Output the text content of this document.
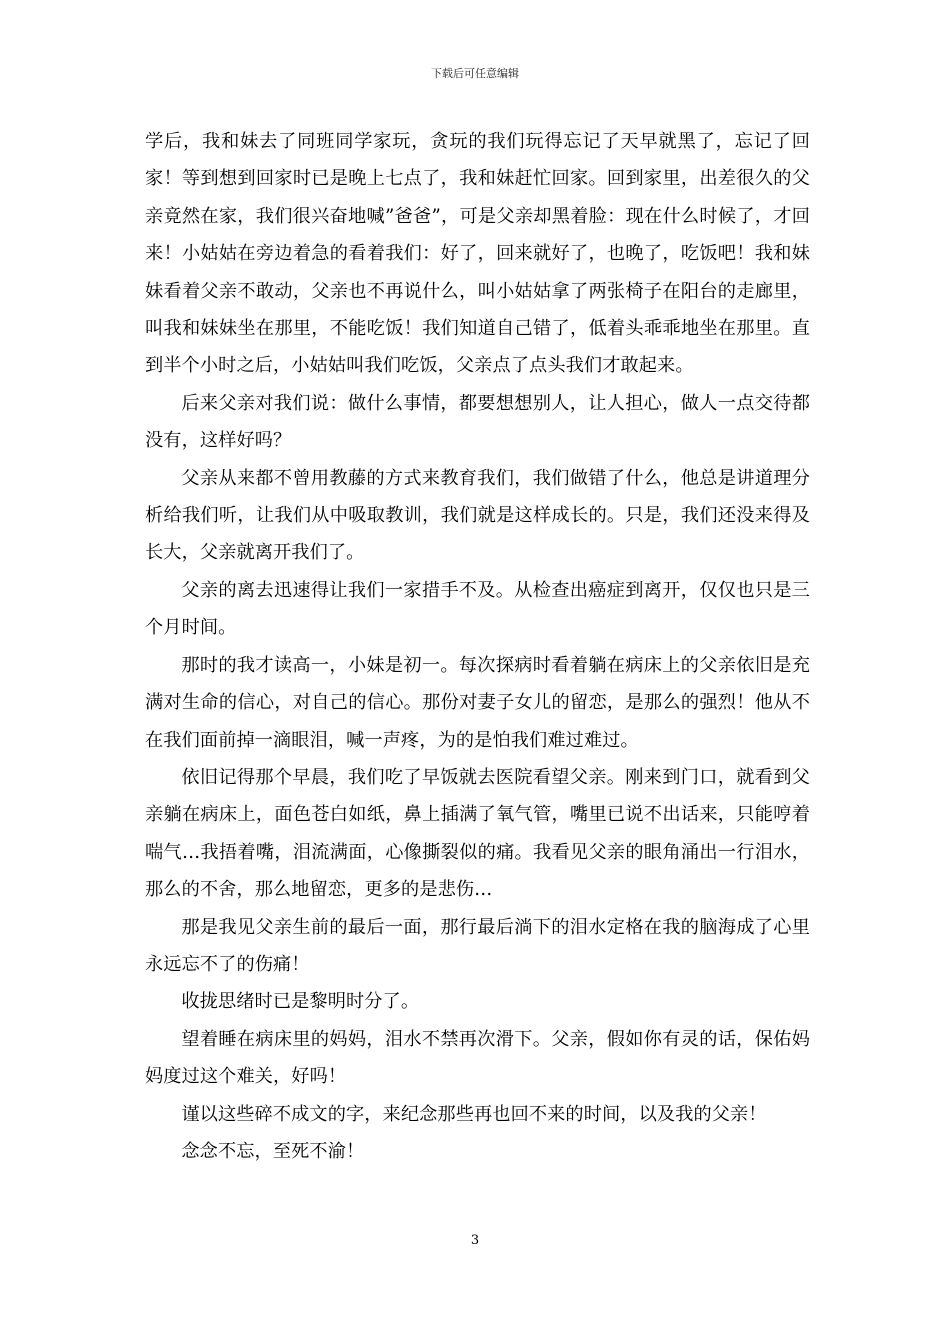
下载后可任意编辑

学后，我和妹去了同班同学家玩，贪玩的我们玩得忘记了天早就黑了，忘记了回家！等到想到回家时已是晚上七点了，我和妹赶忙回家。回到家里，出差很久的父亲竟然在家，我们很兴奋地喊”爸爸”，可是父亲却黑着脸：现在什么时候了，才回来！小姑姑在旁边着急的看着我们：好了，回来就好了，也晚了，吃饭吧！我和妹妹看着父亲不敢动，父亲也不再说什么，叫小姑姑拿了两张椅子在阳台的走廊里，叫我和妹妹坐在那里，不能吃饭！我们知道自己错了，低着头乖乖地坐在那里。直到半个小时之后，小姑姑叫我们吃饭，父亲点了点头我们才敢起来。

后来父亲对我们说：做什么事情，都要想想别人，让人担心，做人一点交待都没有，这样好吗？

父亲从来都不曾用教藤的方式来教育我们，我们做错了什么，他总是讲道理分析给我们听，让我们从中吸取教训，我们就是这样成长的。只是，我们还没来得及长大，父亲就离开我们了。

父亲的离去迅速得让我们一家措手不及。从检查出癌症到离开，仅仅也只是三个月时间。

那时的我才读高一，小妹是初一。每次探病时看着躺在病床上的父亲依旧是充满对生命的信心，对自己的信心。那份对妻子女儿的留恋，是那么的强烈！他从不在我们面前掉一滴眼泪，喊一声疼，为的是怕我们难过难过。

依旧记得那个早晨，我们吃了早饭就去医院看望父亲。刚来到门口，就看到父亲躺在病床上，面色苍白如纸，鼻上插满了氧气管，嘴里已说不出话来，只能哼着喘气…我捂着嘴，泪流满面，心像撕裂似的痛。我看见父亲的眼角涌出一行泪水，那么的不舍，那么地留恋，更多的是悲伤…

那是我见父亲生前的最后一面，那行最后淌下的泪水定格在我的脑海成了心里永远忘不了的伤痛！

收拢思绪时已是黎明时分了。

望着睡在病床里的妈妈，泪水不禁再次滑下。父亲，假如你有灵的话，保佑妈妈度过这个难关，好吗！

谨以这些碎不成文的字，来纪念那些再也回不来的时间，以及我的父亲！

念念不忘，至死不渝！

3
